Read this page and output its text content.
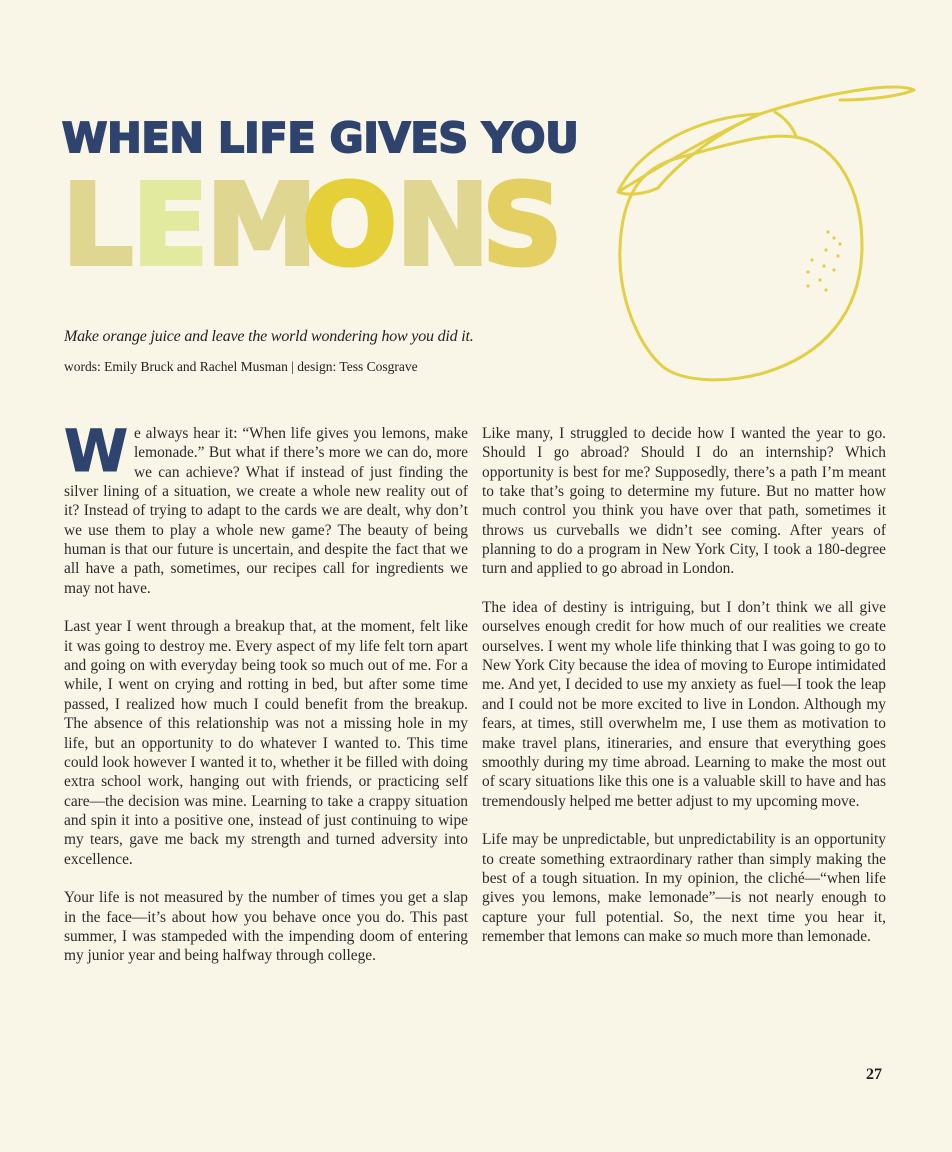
WHEN LIFE GIVES YOU
L
E
M
O
N
S
Make orange juice and leave the world wondering how you did it.
words: Emily Bruck and Rachel Musman | design: Tess Cosgrave

We always hear it: “When life gives you lemons, make lemonade.” But what if there’s more we can do, more we can achieve? What if instead of just finding the silver lining of a situation, we create a whole new reality out of it? Instead of trying to adapt to the cards we are dealt, why don’t we use them to play a whole new game? The beauty of being human is that our future is uncertain, and despite the fact that we all have a path, sometimes, our recipes call for ingredients we may not have.

Last year I went through a breakup that, at the moment, felt like it was going to destroy me. Every aspect of my life felt torn apart and going on with everyday being took so much out of me. For a while, I went on crying and rotting in bed, but after some time passed, I realized how much I could benefit from the breakup. The absence of this relationship was not a missing hole in my life, but an opportunity to do whatever I wanted to. This time could look however I wanted it to, whether it be filled with doing extra school work, hanging out with friends, or practicing self care—the decision was mine. Learning to take a crappy situation and spin it into a positive one, instead of just continuing to wipe my tears, gave me back my strength and turned adversity into excellence.

Your life is not measured by the number of times you get a slap in the face—it’s about how you behave once you do. This past summer, I was stampeded with the impending doom of entering my junior year and being halfway through college.

Like many, I struggled to decide how I wanted the year to go. Should I go abroad? Should I do an internship? Which opportunity is best for me? Supposedly, there’s a path I’m meant to take that’s going to determine my future. But no matter how much control you think you have over that path, sometimes it throws us curveballs we didn’t see coming. After years of planning to do a program in New York City, I took a 180-degree turn and applied to go abroad in London.

The idea of destiny is intriguing, but I don’t think we all give ourselves enough credit for how much of our realities we create ourselves. I went my whole life thinking that I was going to go to New York City because the idea of moving to Europe intimidated me. And yet, I decided to use my anxiety as fuel—I took the leap and I could not be more excited to live in London. Although my fears, at times, still overwhelm me, I use them as motivation to make travel plans, itineraries, and ensure that everything goes smoothly during my time abroad. Learning to make the most out of scary situations like this one is a valuable skill to have and has tremendously helped me better adjust to my upcoming move.

Life may be unpredictable, but unpredictability is an opportunity to create something extraordinary rather than simply making the best of a tough situation. In my opinion, the cliché—“when life gives you lemons, make lemonade”—is not nearly enough to capture your full potential. So, the next time you hear it, remember that lemons can make so much more than lemonade.

27
